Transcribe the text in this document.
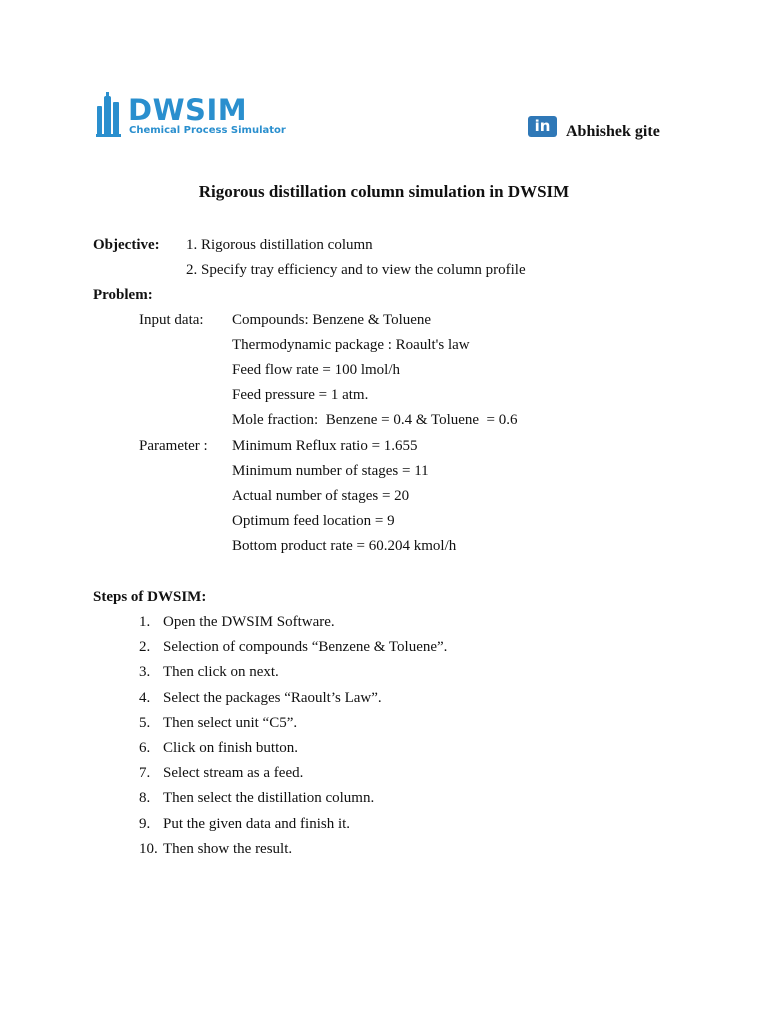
DWSIM
Chemical Process Simulator	in Abhishek gite
Rigorous distillation column simulation in DWSIM
Objective: 1. Rigorous distillation column
2. Specify tray efficiency and to view the column profile
Problem:
Input data: Compounds: Benzene & Toluene
Thermodynamic package : Roault's law
Feed flow rate = 100 lmol/h
Feed pressure = 1 atm.
Mole fraction:  Benzene = 0.4 & Toluene  = 0.6
Parameter : Minimum Reflux ratio = 1.655
Minimum number of stages = 11
Actual number of stages = 20
Optimum feed location = 9
Bottom product rate = 60.204 kmol/h
Steps of DWSIM:
1. Open the DWSIM Software.
2. Selection of compounds “Benzene & Toluene”.
3. Then click on next.
4. Select the packages “Raoult’s Law”.
5. Then select unit “C5”.
6. Click on finish button.
7. Select stream as a feed.
8. Then select the distillation column.
9. Put the given data and finish it.
10. Then show the result.
